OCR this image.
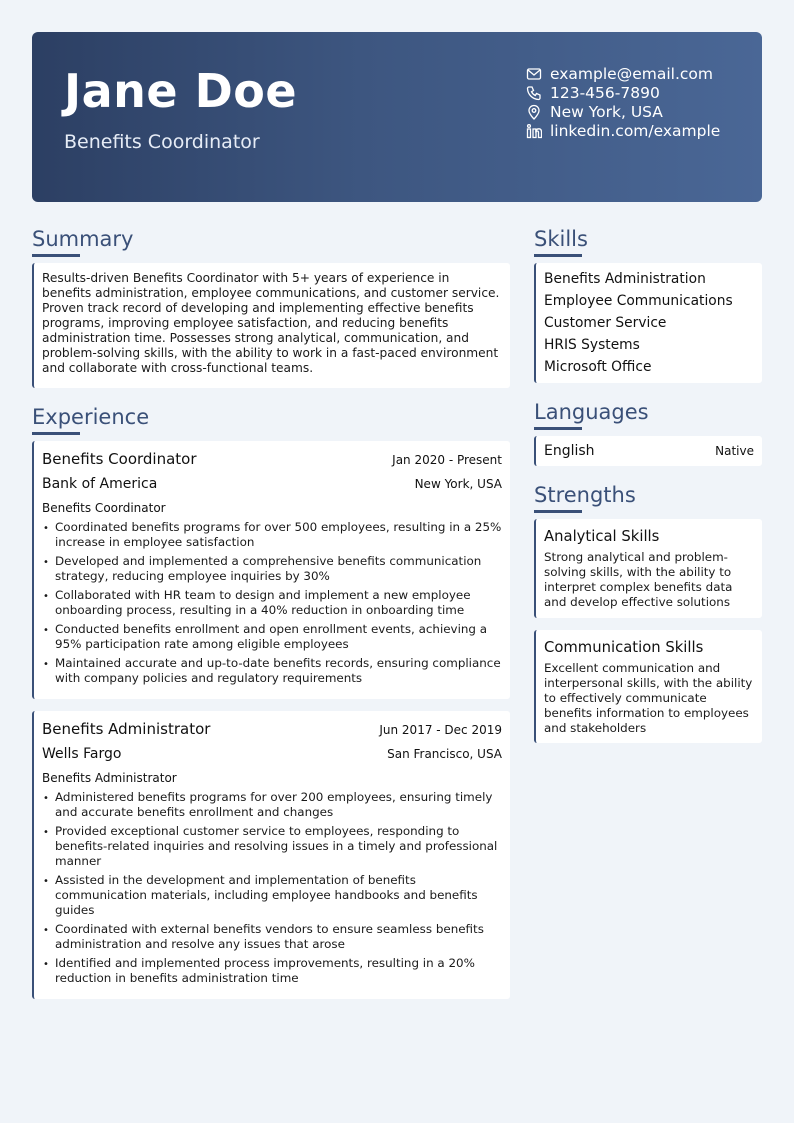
Jane Doe
Benefits Coordinator
example@email.com
123-456-7890
New York, USA
linkedin.com/example
Summary

Results-driven Benefits Coordinator with 5+ years of experience in benefits administration, employee communications, and customer service. Proven track record of developing and implementing effective benefits programs, improving employee satisfaction, and reducing benefits administration time. Possesses strong analytical, communication, and problem-solving skills, with the ability to work in a fast-paced environment and collaborate with cross-functional teams.

Experience
Benefits Coordinator	Jan 2020 - Present
Bank of America	New York, USA
Benefits Coordinator
• Coordinated benefits programs for over 500 employees, resulting in a 25% increase in employee satisfaction
• Developed and implemented a comprehensive benefits communication strategy, reducing employee inquiries by 30%
• Collaborated with HR team to design and implement a new employee onboarding process, resulting in a 40% reduction in onboarding time
• Conducted benefits enrollment and open enrollment events, achieving a 95% participation rate among eligible employees
• Maintained accurate and up-to-date benefits records, ensuring compliance with company policies and regulatory requirements
Benefits Administrator	Jun 2017 - Dec 2019
Wells Fargo	San Francisco, USA
Benefits Administrator
• Administered benefits programs for over 200 employees, ensuring timely and accurate benefits enrollment and changes
• Provided exceptional customer service to employees, responding to benefits-related inquiries and resolving issues in a timely and professional manner
• Assisted in the development and implementation of benefits communication materials, including employee handbooks and benefits guides
• Coordinated with external benefits vendors to ensure seamless benefits administration and resolve any issues that arose
• Identified and implemented process improvements, resulting in a 20% reduction in benefits administration time
Skills
Benefits Administration
Employee Communications
Customer Service
HRIS Systems
Microsoft Office
Languages
English	Native
Strengths
Analytical Skills
Strong analytical and problem-solving skills, with the ability to interpret complex benefits data and develop effective solutions
Communication Skills
Excellent communication and interpersonal skills, with the ability to effectively communicate benefits information to employees and stakeholders
